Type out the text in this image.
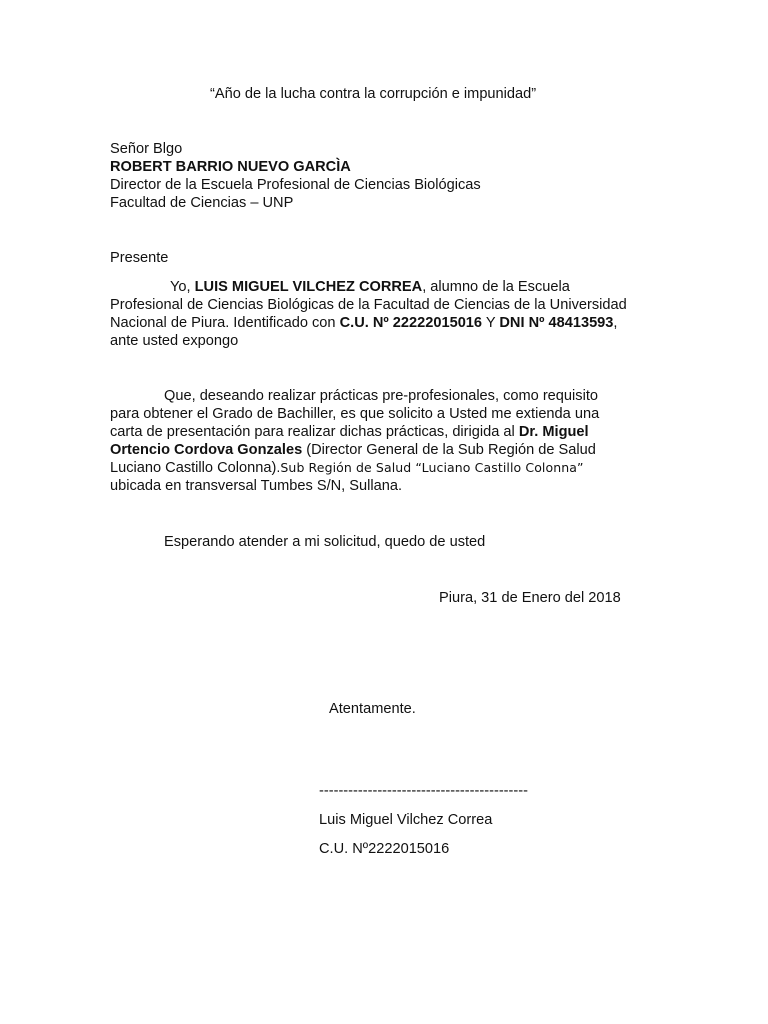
“Año de la lucha contra la corrupción e impunidad”
Señor Blgo
ROBERT BARRIO NUEVO GARCÌA
Director de la Escuela Profesional de Ciencias Biológicas
Facultad de Ciencias – UNP
Presente
Yo, LUIS MIGUEL VILCHEZ CORREA, alumno de la Escuela
Profesional de Ciencias Biológicas de la Facultad de Ciencias de la Universidad
Nacional de Piura. Identificado con C.U. Nº 22222015016 Y DNI Nº 48413593,
ante usted expongo
Que, deseando realizar prácticas pre-profesionales, como requisito
para obtener el Grado de Bachiller, es que solicito a Usted me extienda una
carta de presentación para realizar dichas prácticas, dirigida al Dr. Miguel
Ortencio Cordova Gonzales (Director General de la Sub Región de Salud
Luciano Castillo Colonna).Sub Región de Salud “Luciano Castillo Colonna”
ubicada en transversal Tumbes S/N, Sullana.
Esperando atender a mi solicitud, quedo de usted
Piura, 31 de Enero del 2018
Atentamente.
-------------------------------------------
Luis Miguel Vilchez Correa
C.U. Nº2222015016
